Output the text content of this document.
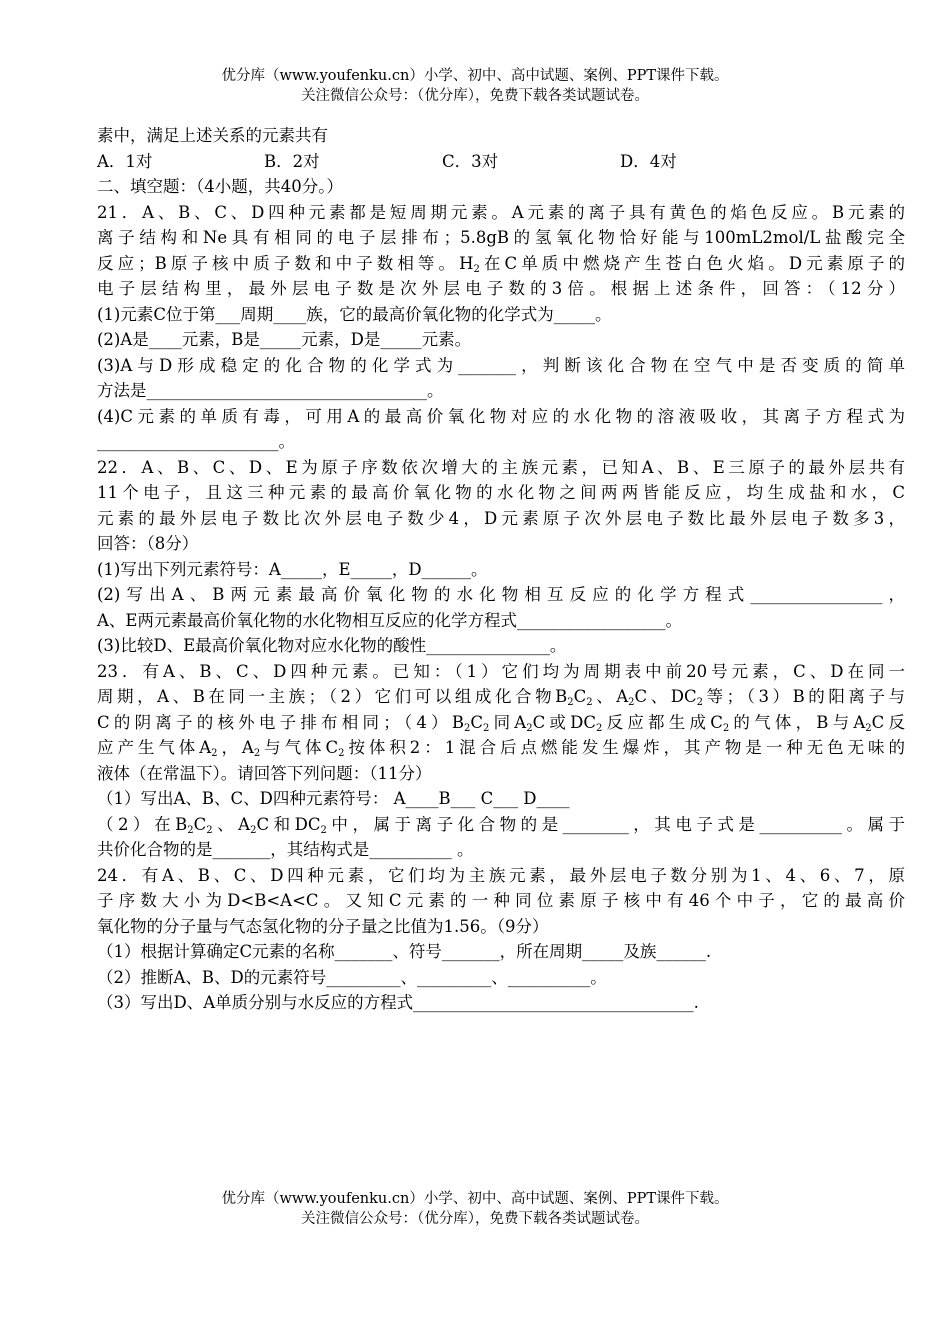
优分库（www.youfenku.cn）小学、初中、高中试题、案例、PPT课件下载。
关注微信公众号：（优分库），免费下载各类试题试卷。
素中，满足上述关系的元素共有
A．1对	B．2对	C．3对	D．4对
二、填空题：（4小题，共40分。）
21．A、B、C、D四种元素都是短周期元素。A元素的离子具有黄色的焰色反应。B元素的
离子结构和Ne具有相同的电子层排布；5.8gB的氢氧化物恰好能与100mL2mol/L盐酸完全
反应；B原子核中质子数和中子数相等。$H_2$在C单质中燃烧产生苍白色火焰。D元素原子的
电子层结构里，最外层电子数是次外层电子数的3倍。根据上述条件，回答：（12分）
(1)元素C位于第___周期____族，它的最高价氧化物的化学式为_____。
(2)A是____元素，B是_____元素，D是_____元素。
(3)A与D形成稳定的化合物的化学式为_______，判断该化合物在空气中是否变质的简单
方法是__________________________________。
(4)C元素的单质有毒，可用A的最高价氧化物对应的水化物的溶液吸收，其离子方程式为
______________________。
22．A、B、C、D、E为原子序数依次增大的主族元素，已知A、B、E三原子的最外层共有
11个电子，且这三种元素的最高价氧化物的水化物之间两两皆能反应，均生成盐和水，C
元素的最外层电子数比次外层电子数少4，D元素原子次外层电子数比最外层电子数多3，
回答：（8分）
(1)写出下列元素符号：A_____，E_____，D______。
(2)写出A、B两元素最高价氧化物的水化物相互反应的化学方程式________________，
A、E两元素最高价氧化物的水化物相互反应的化学方程式__________________。
(3)比较D、E最高价氧化物对应水化物的酸性_______________。
23．有A、B、C、D四种元素。已知：（1）它们均为周期表中前20号元素，C、D在同一
周期，A、B在同一主族；（2）它们可以组成化合物$B_2C_2$、$A_2C$、$DC_2$等；（3）B的阳离子与
C的阴离子的核外电子排布相同；$(4)B_2C_2$同$A_2C$或$DC_2$反应都生成$C_2$的气体，B与$A_2C$反
应产生气体$A_2$，$A_2$与气体$C_2$按体积2：1混合后点燃能发生爆炸，其产物是一种无色无味的
液体（在常温下）。请回答下列问题：（11分）
（1）写出A、B、C、D四种元素符号： A____B___ C___ D____
（2）在$B_2C_2$、$A_2C$和$DC_2$中，属于离子化合物的是________，其电子式是__________。属于
共价化合物的是_______，其结构式是__________ 。
24．有A、B、C、D四种元素，它们均为主族元素，最外层电子数分别为1、4、6、7，原
子序数大小为D<B<A<C。又知C元素的一种同位素原子核中有46个中子，它的最高价
氧化物的分子量与气态氢化物的分子量之比值为1.56。（9分）
（1）根据计算确定C元素的名称_______、符号_______，所在周期_____及族______.
（2）推断A、B、D的元素符号_________、_________、__________。
（3）写出D、A单质分别与水反应的方程式__________________________________.
优分库（www.youfenku.cn）小学、初中、高中试题、案例、PPT课件下载。
关注微信公众号：（优分库），免费下载各类试题试卷。
